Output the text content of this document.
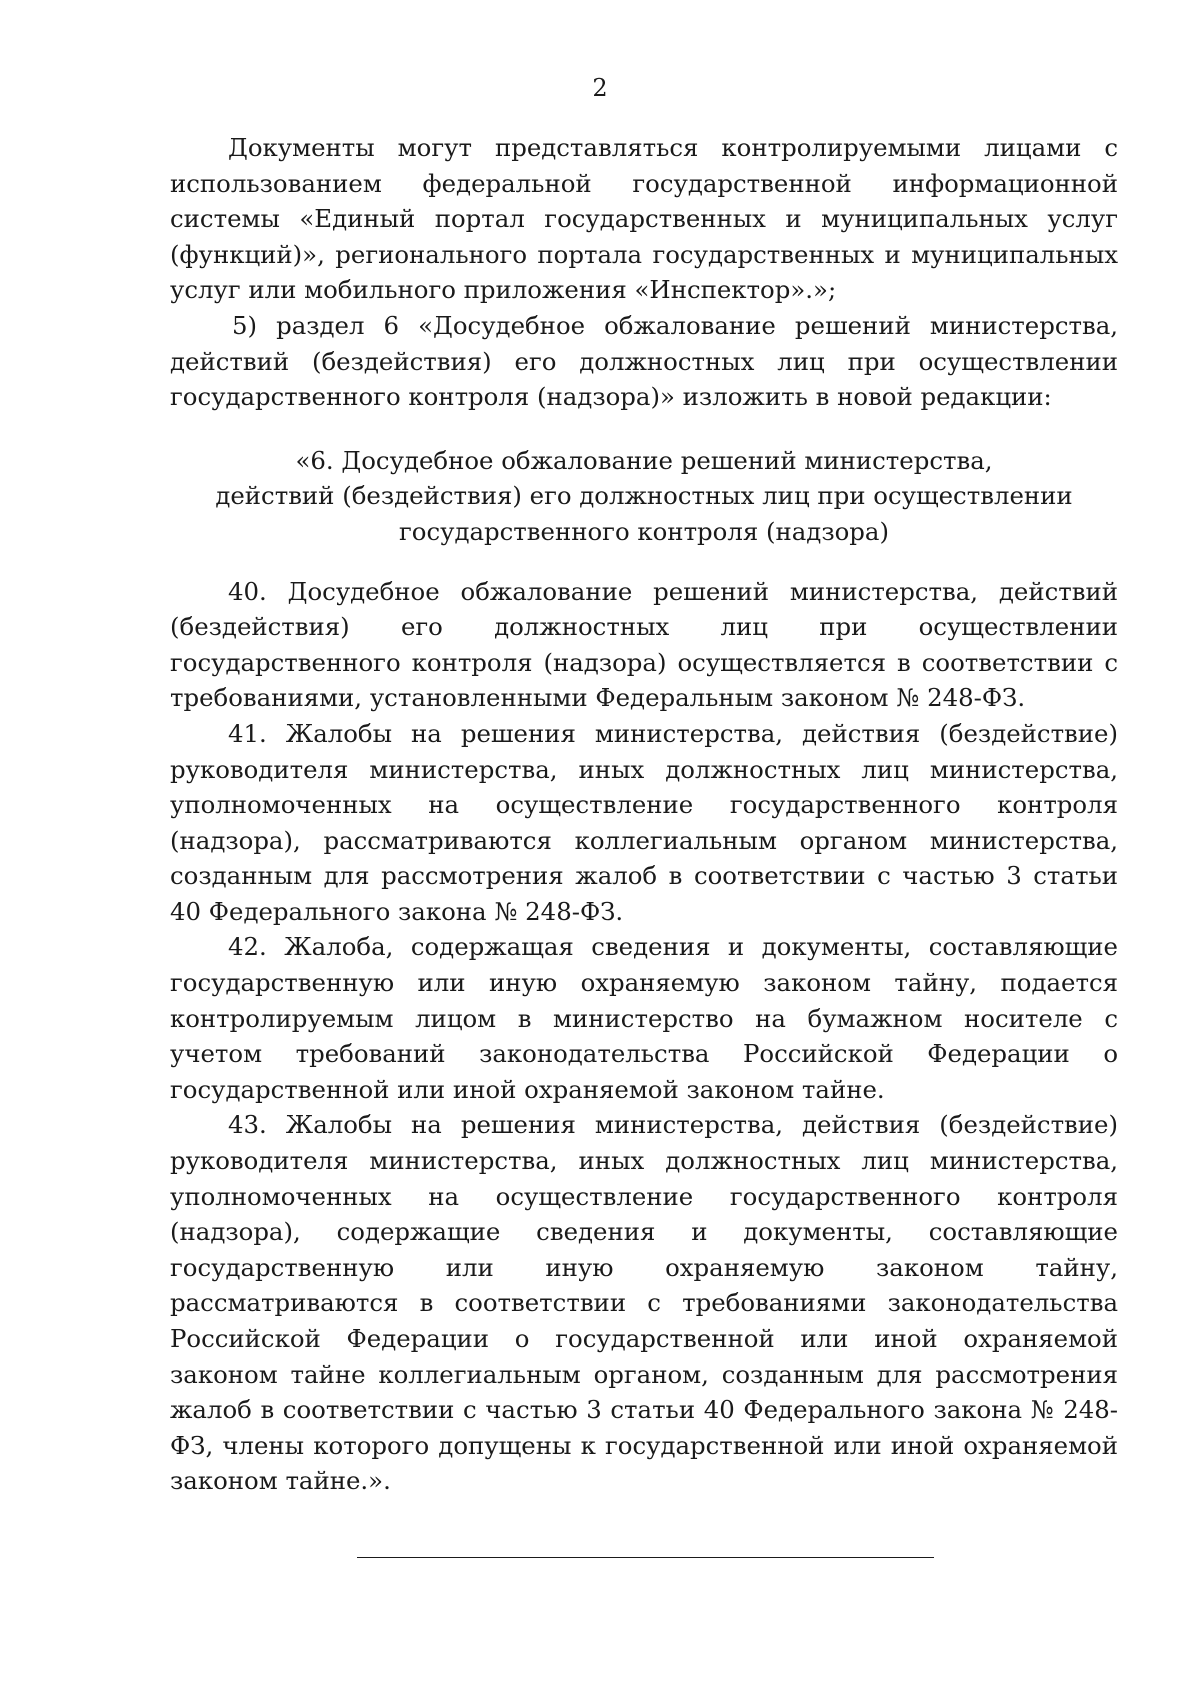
2

Документы могут представляться контролируемыми лицами с использованием федеральной государственной информационной системы «Единый портал государственных и муниципальных услуг (функций)», регионального портала государственных и муниципальных услуг или мобильного приложения «Инспектор».»;

5) раздел 6 «Досудебное обжалование решений министерства, действий (бездействия) его должностных лиц при осуществлении государственного контроля (надзора)» изложить в новой редакции:

«6. Досудебное обжалование решений министерства,
действий (бездействия) его должностных лиц при осуществлении
государственного контроля (надзора)

40. Досудебное обжалование решений министерства, действий (бездействия) его должностных лиц при осуществлении государственного контроля (надзора) осуществляется в соответствии с требованиями, установленными Федеральным законом № 248-ФЗ.

41. Жалобы на решения министерства, действия (бездействие) руководителя министерства, иных должностных лиц министерства, уполномоченных на осуществление государственного контроля (надзора), рассматриваются коллегиальным органом министерства, созданным для рассмотрения жалоб в соответствии с частью 3 статьи 40 Федерального закона № 248-ФЗ.

42. Жалоба, содержащая сведения и документы, составляющие государственную или иную охраняемую законом тайну, подается контролируемым лицом в министерство на бумажном носителе с учетом требований законодательства Российской Федерации о государственной или иной охраняемой законом тайне.

43. Жалобы на решения министерства, действия (бездействие) руководителя министерства, иных должностных лиц министерства, уполномоченных на осуществление государственного контроля (надзора), содержащие сведения и документы, составляющие государственную или иную охраняемую законом тайну, рассматриваются в соответствии с требованиями законодательства Российской Федерации о государственной или иной охраняемой законом тайне коллегиальным органом, созданным для рассмотрения жалоб в соответствии с частью 3 статьи 40 Федерального закона № 248-ФЗ, члены которого допущены к государственной или иной охраняемой законом тайне.».
